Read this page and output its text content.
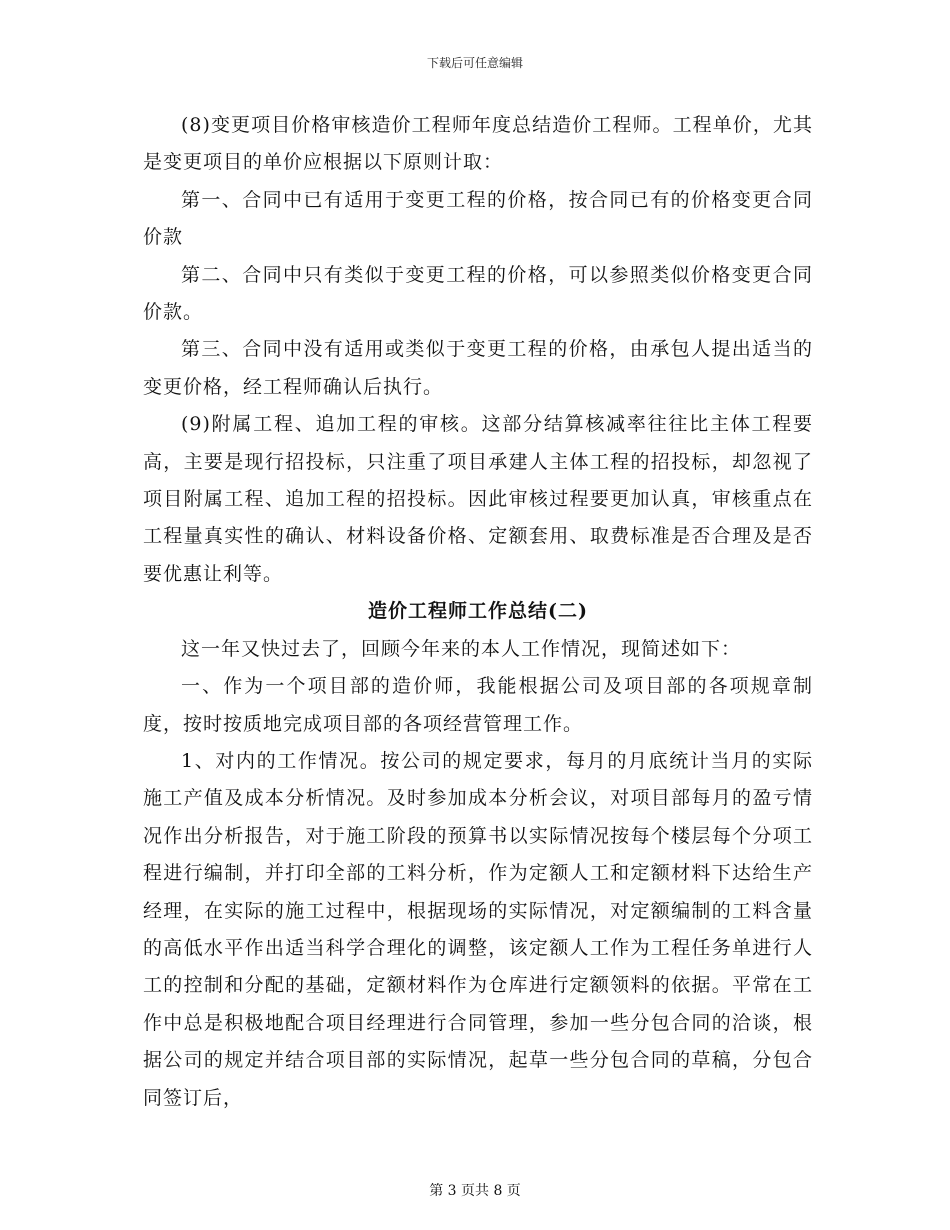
下载后可任意编辑

(8)变更项目价格审核造价工程师年度总结造价工程师。工程单价，尤其是变更项目的单价应根据以下原则计取：

第一、合同中已有适用于变更工程的价格，按合同已有的价格变更合同价款

第二、合同中只有类似于变更工程的价格，可以参照类似价格变更合同价款。

第三、合同中没有适用或类似于变更工程的价格，由承包人提出适当的变更价格，经工程师确认后执行。

(9)附属工程、追加工程的审核。这部分结算核减率往往比主体工程要高，主要是现行招投标，只注重了项目承建人主体工程的招投标，却忽视了项目附属工程、追加工程的招投标。因此审核过程要更加认真，审核重点在工程量真实性的确认、材料设备价格、定额套用、取费标准是否合理及是否要优惠让利等。

造价工程师工作总结(二)

这一年又快过去了，回顾今年来的本人工作情况，现简述如下：

一、作为一个项目部的造价师，我能根据公司及项目部的各项规章制度，按时按质地完成项目部的各项经营管理工作。

1、对内的工作情况。按公司的规定要求，每月的月底统计当月的实际施工产值及成本分析情况。及时参加成本分析会议，对项目部每月的盈亏情况作出分析报告，对于施工阶段的预算书以实际情况按每个楼层每个分项工程进行编制，并打印全部的工料分析，作为定额人工和定额材料下达给生产经理，在实际的施工过程中，根据现场的实际情况，对定额编制的工料含量的高低水平作出适当科学合理化的调整，该定额人工作为工程任务单进行人工的控制和分配的基础，定额材料作为仓库进行定额领料的依据。平常在工作中总是积极地配合项目经理进行合同管理，参加一些分包合同的洽谈，根据公司的规定并结合项目部的实际情况，起草一些分包合同的草稿，分包合同签订后，

第 3 页共 8 页
